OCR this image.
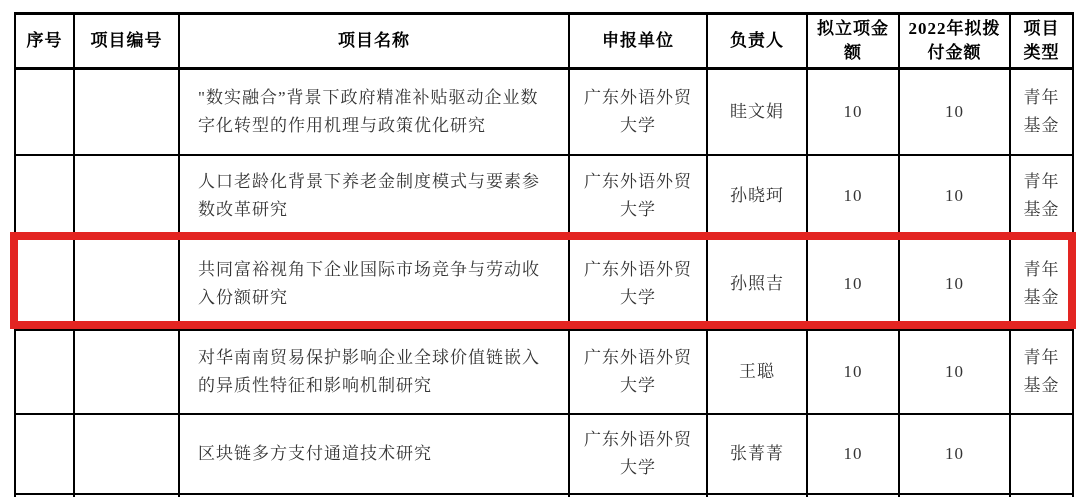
序号	项目编号	项目名称	申报单位	负责人	拟立项金额	2022年拟拨付金额	项目类型
		"数实融合”背景下政府精准补贴驱动企业数字化转型的作用机理与政策优化研究	广东外语外贸大学	眭文娟	10	10	青年基金
		人口老龄化背景下养老金制度模式与要素参数改革研究	广东外语外贸大学	孙晓珂	10	10	青年基金
		共同富裕视角下企业国际市场竞争与劳动收入份额研究	广东外语外贸大学	孙照吉	10	10	青年基金
		对华南南贸易保护影响企业全球价值链嵌入的异质性特征和影响机制研究	广东外语外贸大学	王聪	10	10	青年基金
		区块链多方支付通道技术研究	广东外语外贸大学	张菁菁	10	10	
